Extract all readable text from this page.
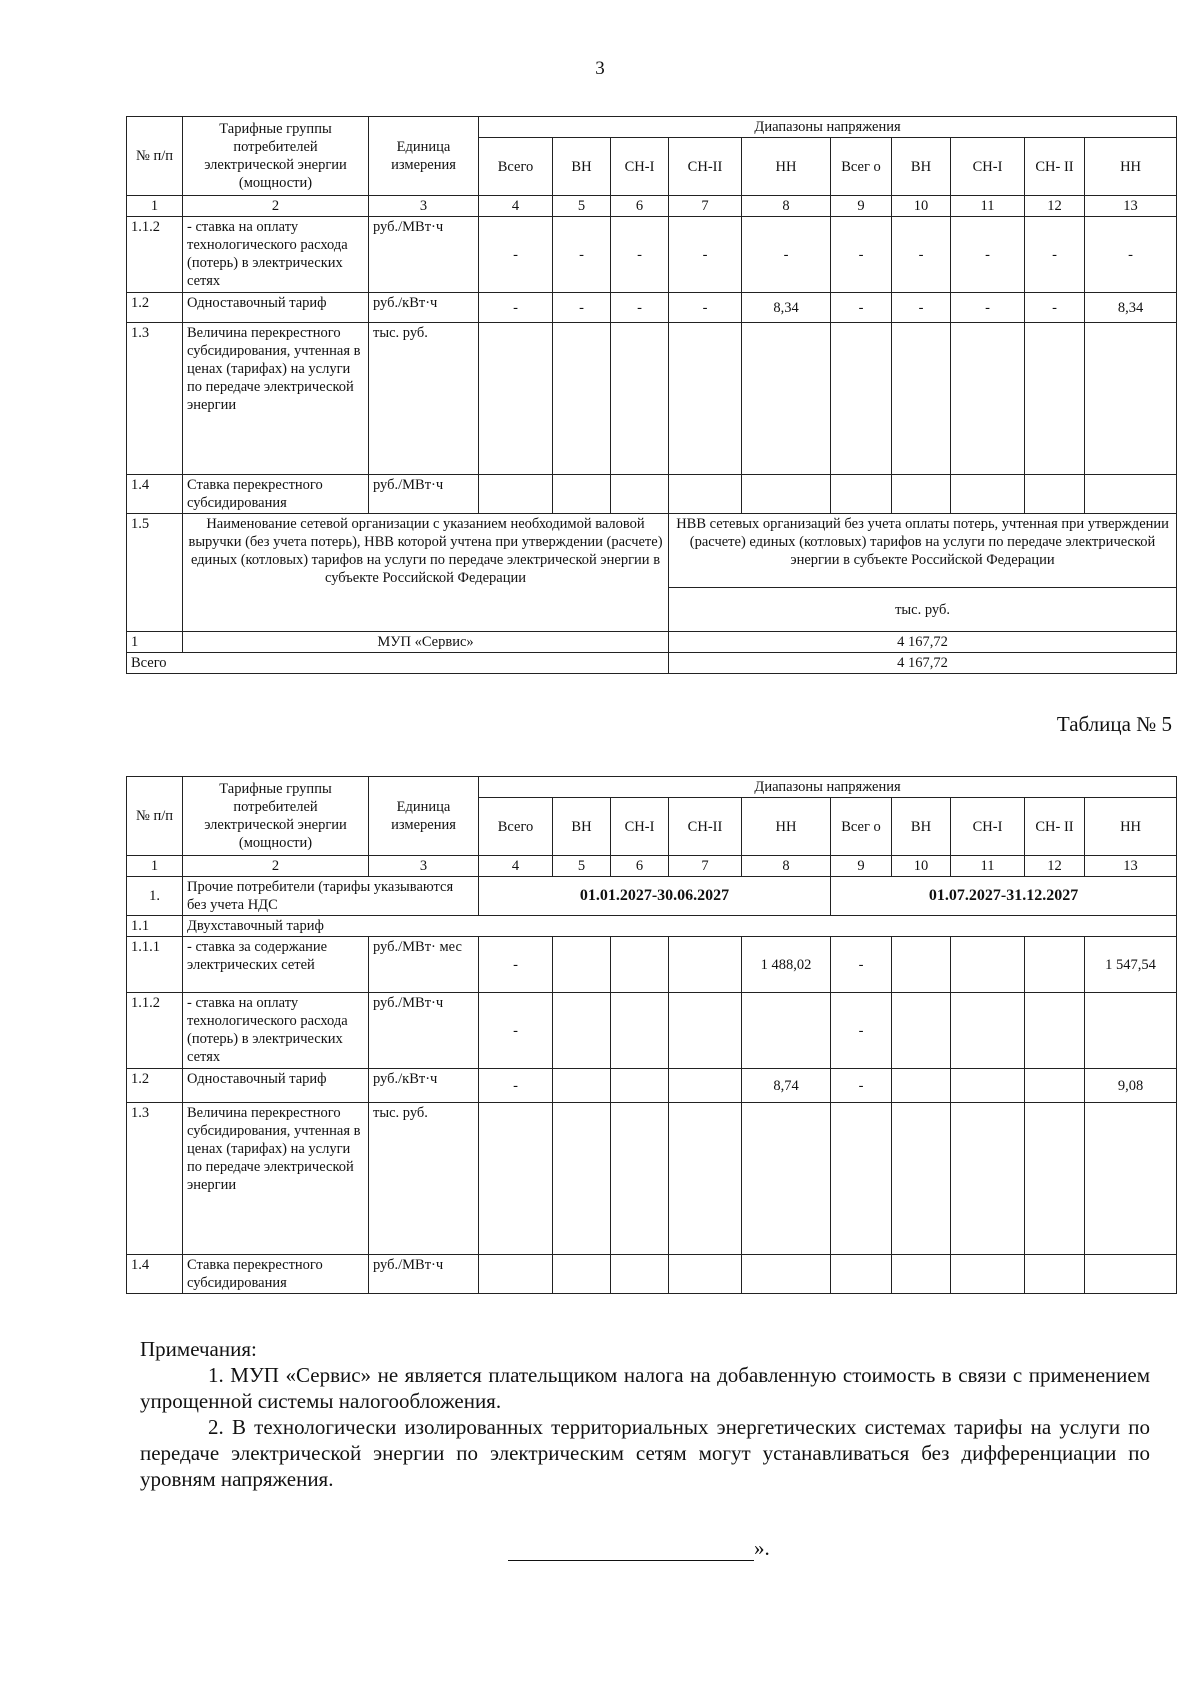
3
№ п/п	Тарифные группы потребителей электрической энергии (мощности)	Единица измерения	Диапазоны напряжения									
			Всего	ВН	СН-I	СН-II	НН	Всег о	ВН	СН-I	СН- II	НН
1	2	3	4	5	6	7	8	9	10	11	12	13
1.1.2	- ставка на оплату технологического расхода (потерь) в электрических сетях	руб./МВт·ч	-	-	-	-	-	-	-	-	-	-
1.2	Одноставочный тариф	руб./кВт·ч	-	-	-	-	8,34	-	-	-	-	8,34
1.3	Величина перекрестного субсидирования, учтенная в ценах (тарифах) на услуги по передаче электрической энергии	тыс. руб.										
1.4	Ставка перекрестного субсидирования	руб./МВт·ч										
1.5	Наименование сетевой организации с указанием необходимой валовой выручки (без учета потерь), НВВ которой учтена при утверждении (расчете) единых (котловых) тарифов на услуги по передаче электрической энергии в субъекте Российской Федерации					НВВ сетевых организаций без учета оплаты потерь, учтенная при утверждении (расчете) единых (котловых) тарифов на услуги по передаче электрической энергии в субъекте Российской Федерации						
						тыс. руб.						
1	МУП «Сервис»					4 167,72						
Всего						4 167,72						
Таблица № 5
№ п/п	Тарифные группы потребителей электрической энергии (мощности)	Единица измерения	Диапазоны напряжения									
			Всего	ВН	СН-I	СН-II	НН	Всег о	ВН	СН-I	СН- II	НН
1	2	3	4	5	6	7	8	9	10	11	12	13
1.	Прочие потребители (тарифы указываются без учета НДС		01.01.2027-30.06.2027					01.07.2027-31.12.2027				
1.1	Двухставочный тариф											
1.1.1	- ставка за содержание электрических сетей	руб./МВт· мес	-				1 488,02	-				1 547,54
1.1.2	- ставка на оплату технологического расхода (потерь) в электрических сетях	руб./МВт·ч	-					-				
1.2	Одноставочный тариф	руб./кВт·ч	-				8,74	-				9,08
1.3	Величина перекрестного субсидирования, учтенная в ценах (тарифах) на услуги по передаче электрической энергии	тыс. руб.										
1.4	Ставка перекрестного субсидирования	руб./МВт·ч										

Примечания:

1. МУП «Сервис» не является плательщиком налога на добавленную стоимость в связи с применением упрощенной системы налогообложения.

2. В технологически изолированных территориальных энергетических системах тарифы на услуги по передаче электрической энергии по электрическим сетям могут устанавливаться без дифференциации по уровням напряжения.

».
